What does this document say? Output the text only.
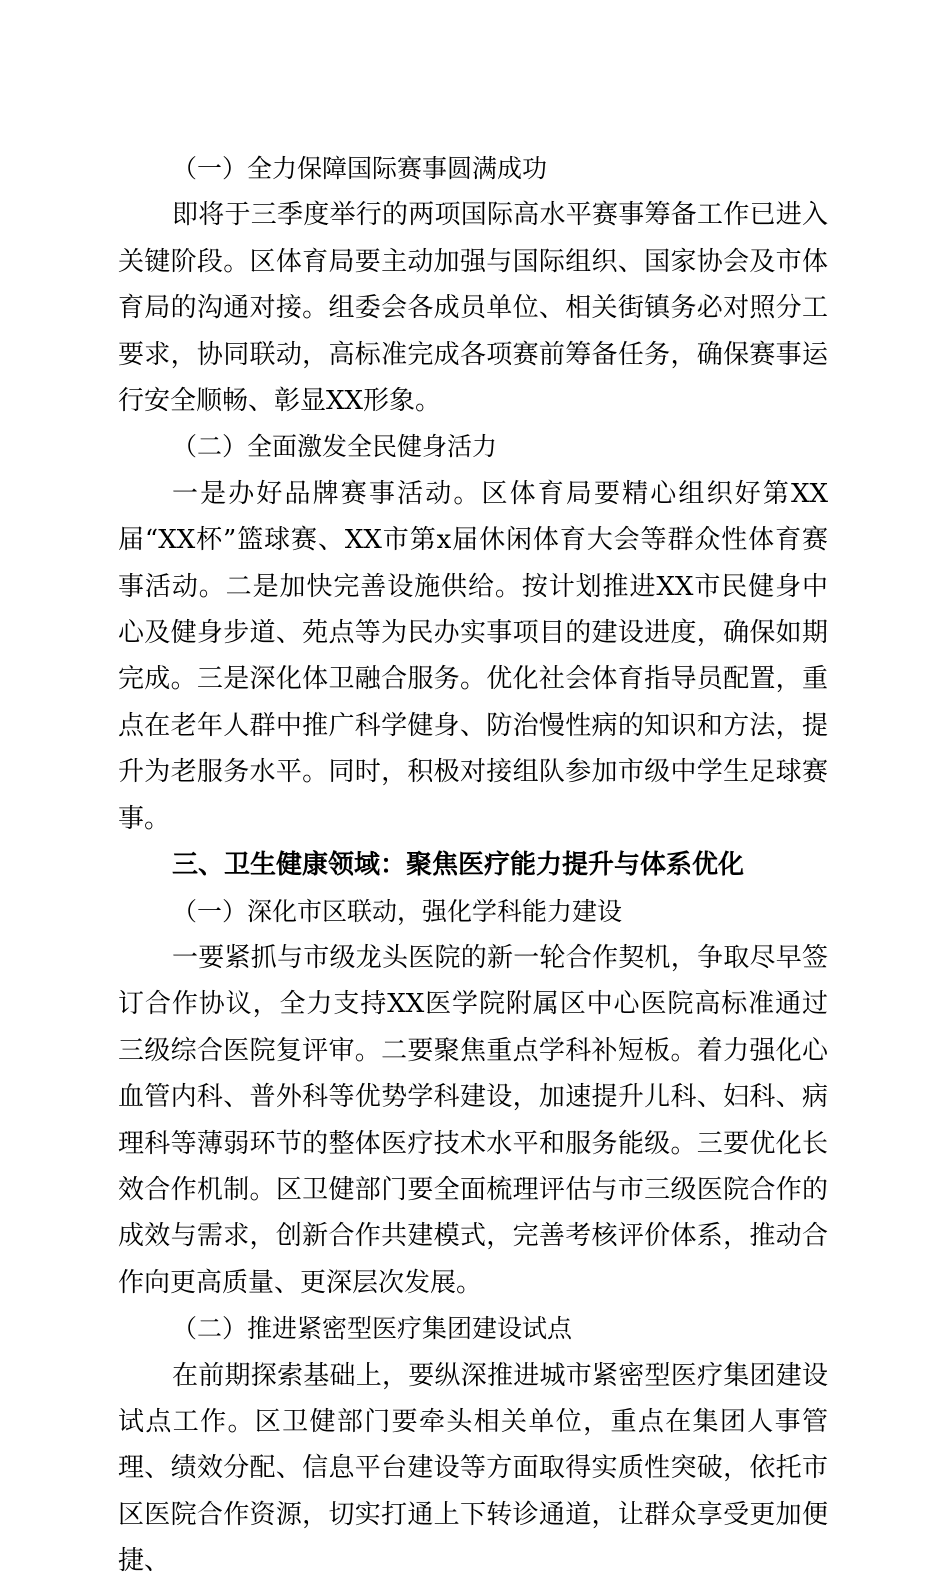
（一）全力保障国际赛事圆满成功

即将于三季度举行的两项国际高水平赛事筹备工作已进入关键阶段。区体育局要主动加强与国际组织、国家协会及市体育局的沟通对接。组委会各成员单位、相关街镇务必对照分工要求，协同联动，高标准完成各项赛前筹备任务，确保赛事运行安全顺畅、彰显XX形象。

（二）全面激发全民健身活力

一是办好品牌赛事活动。区体育局要精心组织好第XX届“XX杯”篮球赛、XX市第x届休闲体育大会等群众性体育赛事活动。二是加快完善设施供给。按计划推进XX市民健身中心及健身步道、苑点等为民办实事项目的建设进度，确保如期完成。三是深化体卫融合服务。优化社会体育指导员配置，重点在老年人群中推广科学健身、防治慢性病的知识和方法，提升为老服务水平。同时，积极对接组队参加市级中学生足球赛事。

三、卫生健康领域：聚焦医疗能力提升与体系优化

（一）深化市区联动，强化学科能力建设

一要紧抓与市级龙头医院的新一轮合作契机，争取尽早签订合作协议，全力支持XX医学院附属区中心医院高标准通过三级综合医院复评审。二要聚焦重点学科补短板。着力强化心血管内科、普外科等优势学科建设，加速提升儿科、妇科、病理科等薄弱环节的整体医疗技术水平和服务能级。三要优化长效合作机制。区卫健部门要全面梳理评估与市三级医院合作的成效与需求，创新合作共建模式，完善考核评价体系，推动合作向更高质量、更深层次发展。

（二）推进紧密型医疗集团建设试点

在前期探索基础上，要纵深推进城市紧密型医疗集团建设试点工作。区卫健部门要牵头相关单位，重点在集团人事管理、绩效分配、信息平台建设等方面取得实质性突破，依托市区医院合作资源，切实打通上下转诊通道，让群众享受更加便捷、
